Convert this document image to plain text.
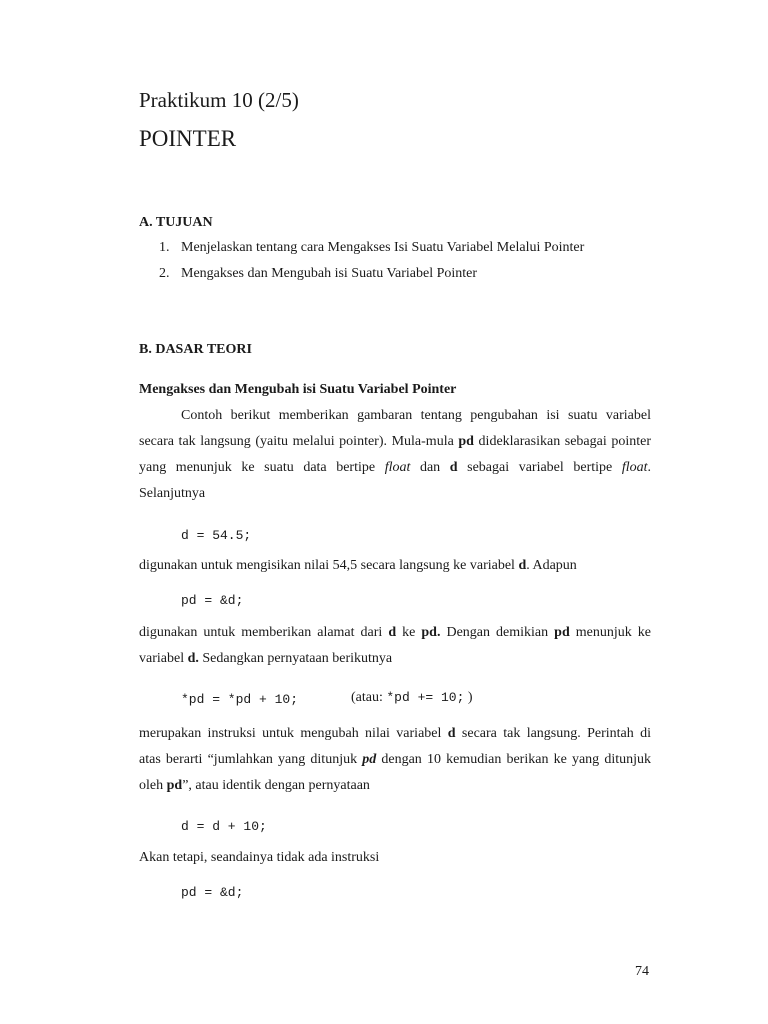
Praktikum 10 (2/5)
POINTER
A. TUJUAN
1. Menjelaskan tentang cara Mengakses Isi Suatu Variabel Melalui Pointer
2. Mengakses dan Mengubah isi Suatu Variabel Pointer
B. DASAR TEORI
Mengakses dan Mengubah isi Suatu Variabel Pointer
Contoh berikut memberikan gambaran tentang pengubahan isi suatu variabel
secara tak langsung (yaitu melalui pointer). Mula-mula pd dideklarasikan sebagai pointer
yang menunjuk ke suatu data bertipe float dan d sebagai variabel bertipe float.
Selanjutnya
d = 54.5;
digunakan untuk mengisikan nilai 54,5 secara langsung ke variabel d. Adapun
pd = &d;
digunakan untuk memberikan alamat dari d ke pd. Dengan demikian pd menunjuk ke
variabel d. Sedangkan pernyataan berikutnya
*pd = *pd + 10;	(atau: *pd += 10; )
merupakan instruksi untuk mengubah nilai variabel d secara tak langsung. Perintah di
atas berarti “jumlahkan yang ditunjuk pd dengan 10 kemudian berikan ke yang ditunjuk
oleh pd”, atau identik dengan pernyataan
d = d + 10;
Akan tetapi, seandainya tidak ada instruksi
pd = &d;
74
